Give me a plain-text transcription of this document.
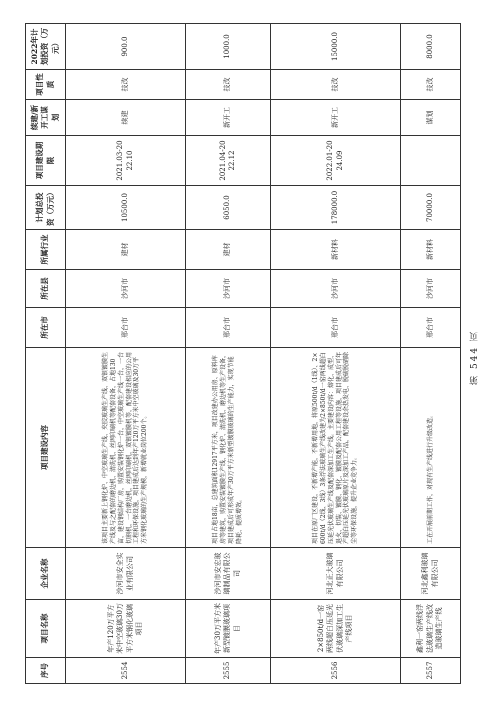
序号	项目名称	企业名称	项目建设内容	所在市	所在县	所属行业	计划总投资（万元）	项目建设期限	续建/新开工谋划	项目性质	2022年计划投资（万元）
2554	年产120万平方米中空玻璃30万平方米钢化玻璃项目	沙河市安全实业有限公司	该项目主要新上钢化炉、中空玻璃生产线、夹胶玻璃生产线、双银镀膜生产线及与之配套的磨边机、清洗机、丝网印刷机等配套设备，占地130亩，建设钢结构厂房，购置安装钢化炉一台，中空玻璃生产线一台，一台切割机，一台磨边机，丝网印刷机，双银镀膜机等，配套建设相应的公用工程和环保设施，项目建成后达到年产120万平方米中空玻璃及30万平方米钢化玻璃的生产规模，新增就业岗位200个。	邢台市	沙河市	建材	10500.0	2021.03-2022.10	续建	技改	900.0
2555	年产30万平方米新型镀膜玻璃项目	沙河市安宏玻璃制品有限公司	项目占地18亩，总建筑面积12917平方米，项目改建办公用房、原料库房等建筑，购置安装镀膜生产线、钢化炉、清洗机、磨边机等生产设备，项目建成后可形成年产30万平方米新型镀膜玻璃的生产能力，实现节能降耗、提质增效。	邢台市	沙河市	建材	6050.0	2021.04-2022.12	新开工	技改	1000.0
2556	2×850t/d一窑两线超白压延光伏玻璃深加工生产线项目	河北正大玻璃有限公司	项目在原厂区建设，不新增产能，不新增用地，将原500t/d（1线）、2×600t/d（2线、3线）3条浮法玻璃生产线改建为2×850t/d一窑两线超白压延光伏玻璃生产线及配套深加工生产线。主要建设内容：熔化、成型、退火、切装、镀膜、钢化、镀膜及配套公用工程等设施，项目建成后可年产超白压延光伏玻璃原片及深加工产品，配套建设余热发电、脱硫脱硝除尘等环保设施，提升企业竞争力。	邢台市	沙河市	新材料	178000.0	2022.01-2024.09	新开工	技改	15000.0
2557	鑫利一窑两线浮法玻璃生产线改造玻璃生产线	河北鑫利玻璃有限公司	工在开展前期工作，对现有生产线进行升级改造。	邢台市	沙河市	新材料	70000.0		谋划	技改	8000.0
第 544 页
